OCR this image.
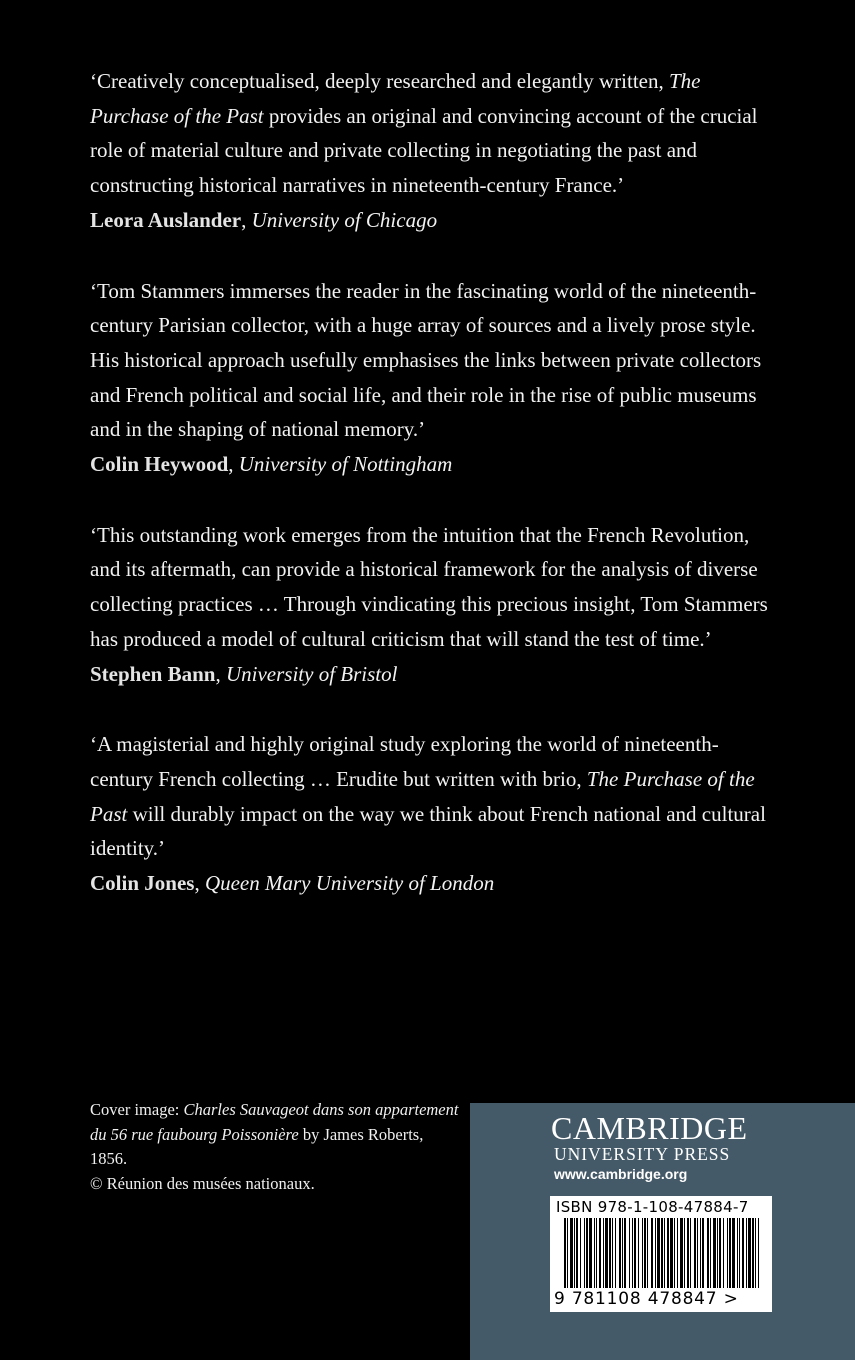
‘Creatively conceptualised, deeply researched and elegantly written, The Purchase of the Past provides an original and convincing account of the crucial role of material culture and private collecting in negotiating the past and constructing historical narratives in nineteenth-century France.’

Leora Auslander, University of Chicago

‘Tom Stammers immerses the reader in the fascinating world of the nineteenth-century Parisian collector, with a huge array of sources and a lively prose style. His historical approach usefully emphasises the links between private collectors and French political and social life, and their role in the rise of public museums and in the shaping of national memory.’

Colin Heywood, University of Nottingham

‘This outstanding work emerges from the intuition that the French Revolution, and its aftermath, can provide a historical framework for the analysis of diverse collecting practices … Through vindicating this precious insight, Tom Stammers has produced a model of cultural criticism that will stand the test of time.’

Stephen Bann, University of Bristol

‘A magisterial and highly original study exploring the world of nineteenth-century French collecting … Erudite but written with brio, The Purchase of the Past will durably impact on the way we think about French national and cultural identity.’

Colin Jones, Queen Mary University of London

Cover image: Charles Sauvageot dans son appartement du 56 rue faubourg Poissonière by James Roberts, 1856.

© Réunion des musées nationaux.

CAMBRIDGE
UNIVERSITY PRESS
www.cambridge.org
ISBN 978-1-108-47884-7
9 781108 478847 >
